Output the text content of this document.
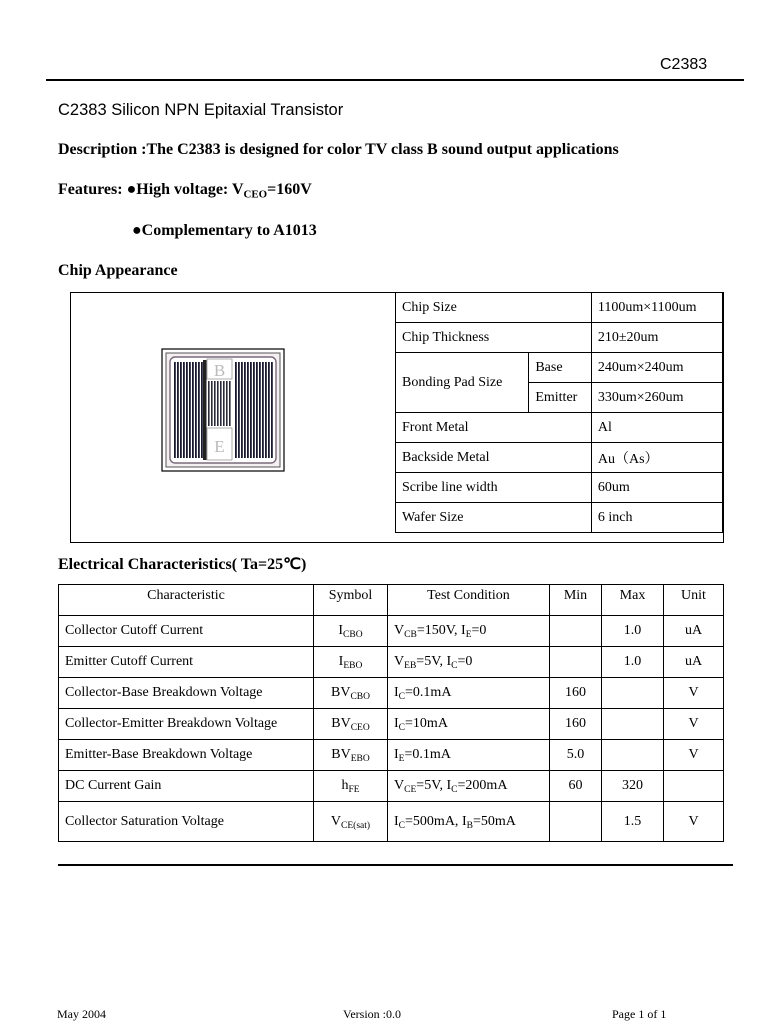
C2383
C2383 Silicon NPN Epitaxial Transistor
Description :The C2383 is designed for color TV class B sound output applications
Features: ●High voltage: $V_{CEO}=160V$
●Complementary to A1013
Chip Appearance
B
E
Chip Size		1100um×1100um
Chip Thickness		210±20um
Bonding Pad Size	Base	240um×240um
	Emitter	330um×260um
Front Metal		Al
Backside Metal		Au（As）
Scribe line width		60um
Wafer Size		6 inch
Electrical Characteristics( Ta=25℃)
Characteristic	Symbol	Test Condition	Min	Max	Unit
Collector Cutoff Current	$I_{CBO}$	$V_{CB}=150V$, $I_E=0$		1.0	uA
Emitter Cutoff Current	$I_{EBO}$	$V_{EB}=5V$, $I_C=0$		1.0	uA
Collector-Base Breakdown Voltage	$BV_{CBO}$	$I_C=0.1mA$	160		V
Collector-Emitter Breakdown Voltage	$BV_{CEO}$	$I_C=10mA$	160		V
Emitter-Base Breakdown Voltage	$BV_{EBO}$	$I_E=0.1mA$	5.0		V
DC Current Gain	$h_{FE}$	$V_{CE}=5V$, $I_C=200mA$	60	320	
Collector Saturation Voltage	$V_{CE(sat)}$	$I_C=500mA$, $I_B=50mA$		1.5	V
May 2004	Version :0.0	Page 1 of 1
